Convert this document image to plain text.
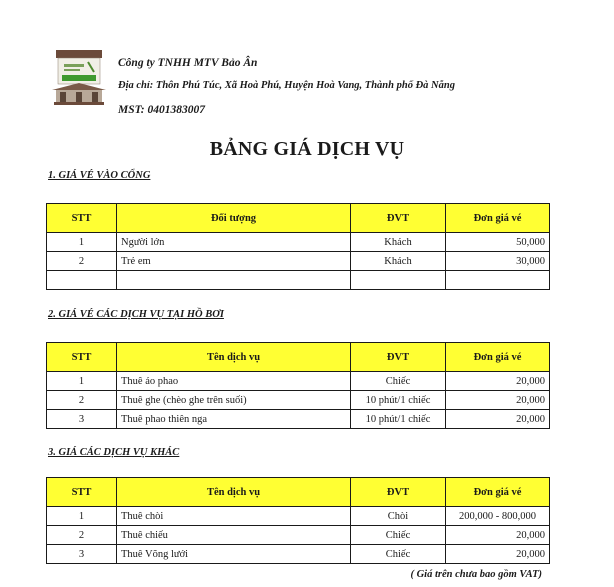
Công ty TNHH MTV Bảo Ân
Địa chỉ: Thôn Phú Túc, Xã Hoà Phú, Huyện Hoà Vang, Thành phố Đà Nẵng
MST: 0401383007
BẢNG GIÁ DỊCH VỤ
1. GIÁ VÉ VÀO CỔNG
STT	Đối tượng	ĐVT	Đơn giá vé
1	Người lớn	Khách	50,000
2	Trẻ em	Khách	30,000

2. GIÁ VÉ CÁC DỊCH VỤ TẠI HỒ BƠI
STT	Tên dịch vụ	ĐVT	Đơn giá vé
1	Thuê áo phao	Chiếc	20,000
2	Thuê ghe (chèo ghe trên suối)	10 phút/1 chiếc	20,000
3	Thuê phao thiên nga	10 phút/1 chiếc	20,000
3. GIÁ CÁC DỊCH VỤ KHÁC
STT	Tên dịch vụ	ĐVT	Đơn giá vé
1	Thuê chòi	Chòi	200,000 - 800,000
2	Thuê chiếu	Chiếc	20,000
3	Thuê Võng lưới	Chiếc	20,000
( Giá trên chưa bao gồm VAT)
